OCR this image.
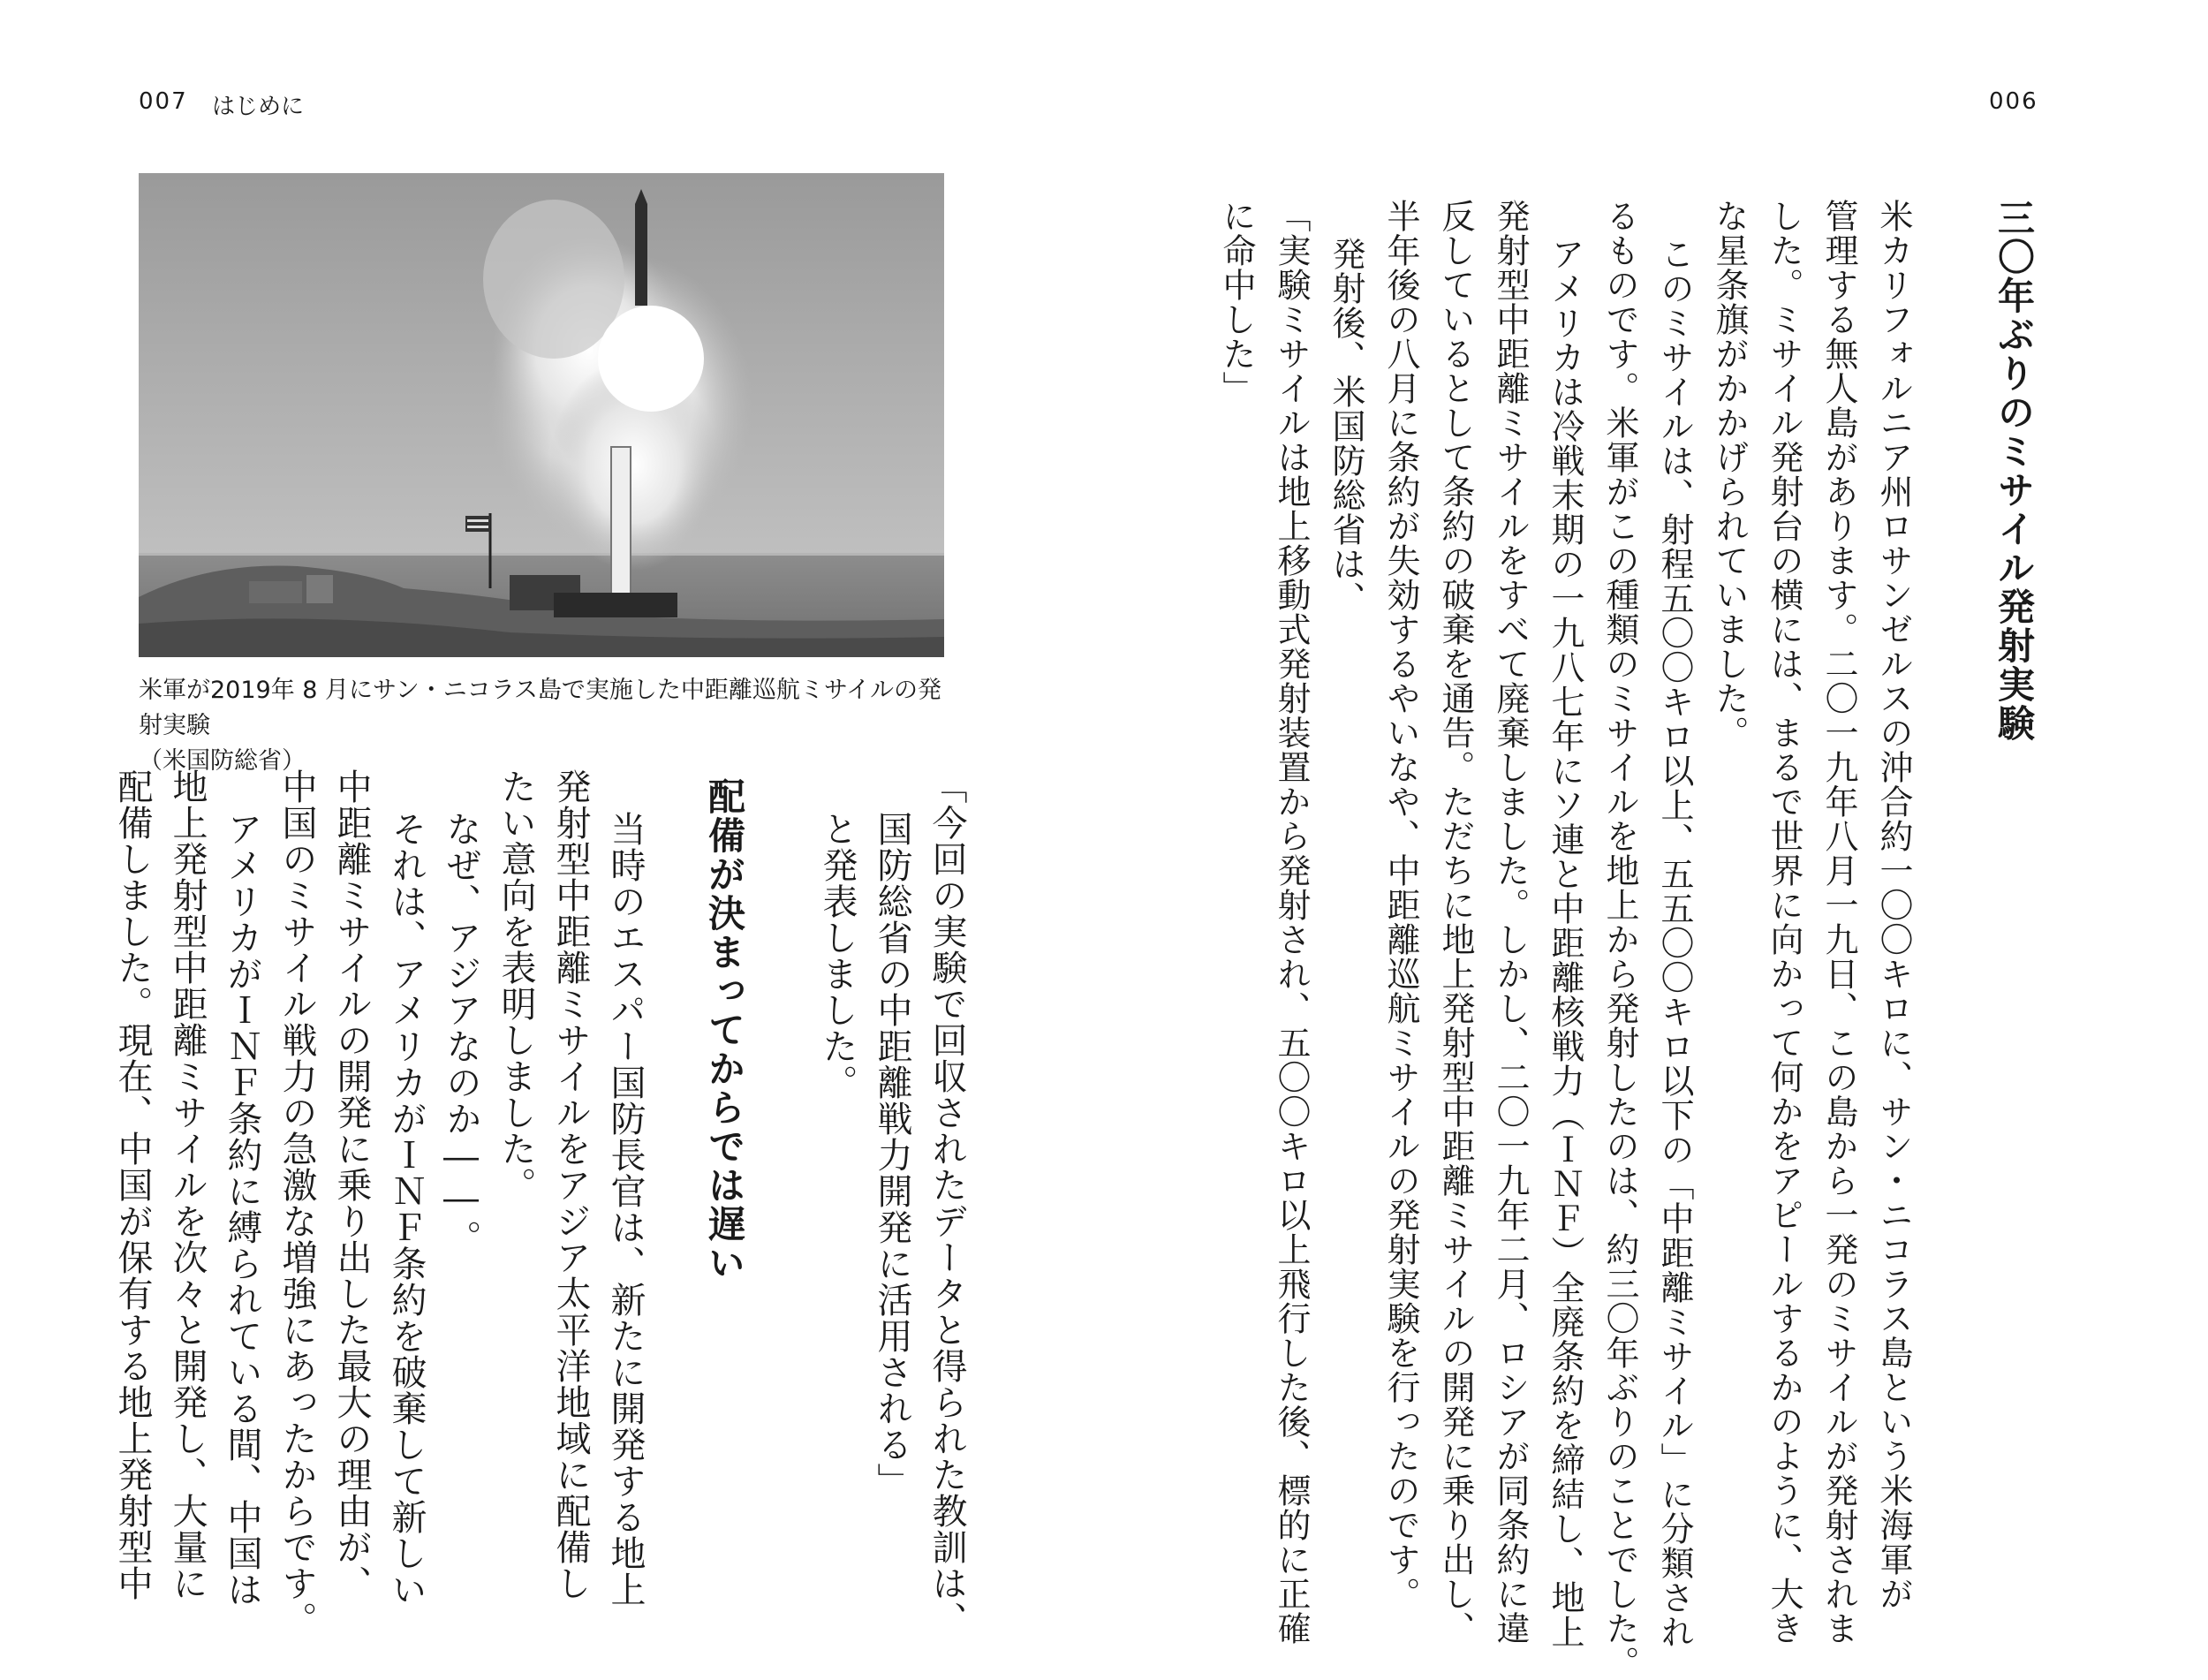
007 はじめに	006
米軍が2019年 8 月にサン・ニコラス島で実施した中距離巡航ミサイルの発射実験
（米国防総省）
「今回の実験で回収されたデータと得られた教訓は、
国防総省の中距離戦力開発に活用される」
と発表しました。
配備が決まってからでは遅い
当時のエスパー国防長官は、新たに開発する地上
発射型中距離ミサイルをアジア太平洋地域に配備し
たい意向を表明しました。
なぜ、アジアなのか――。
それは、アメリカがＩＮＦ条約を破棄して新しい
中距離ミサイルの開発に乗り出した最大の理由が、
中国のミサイル戦力の急激な増強にあったからです。
アメリカがＩＮＦ条約に縛られている間、中国は
地上発射型中距離ミサイルを次々と開発し、大量に
配備しました。現在、中国が保有する地上発射型中
三〇年ぶりのミサイル発射実験
米カリフォルニア州ロサンゼルスの沖合約一〇〇キロに、サン・ニコラス島という米海軍が
管理する無人島があります。二〇一九年八月一九日、この島から一発のミサイルが発射されま
した。ミサイル発射台の横には、まるで世界に向かって何かをアピールするかのように、大き
な星条旗がかかげられていました。
このミサイルは、射程五〇〇キロ以上、五五〇〇キロ以下の「中距離ミサイル」に分類され
るものです。米軍がこの種類のミサイルを地上から発射したのは、約三〇年ぶりのことでした。
アメリカは冷戦末期の一九八七年にソ連と中距離核戦力（ＩＮＦ）全廃条約を締結し、地上
発射型中距離ミサイルをすべて廃棄しました。しかし、二〇一九年二月、ロシアが同条約に違
反しているとして条約の破棄を通告。ただちに地上発射型中距離ミサイルの開発に乗り出し、
半年後の八月に条約が失効するやいなや、中距離巡航ミサイルの発射実験を行ったのです。
発射後、米国防総省は、
「実験ミサイルは地上移動式発射装置から発射され、五〇〇キロ以上飛行した後、標的に正確
に命中した」
